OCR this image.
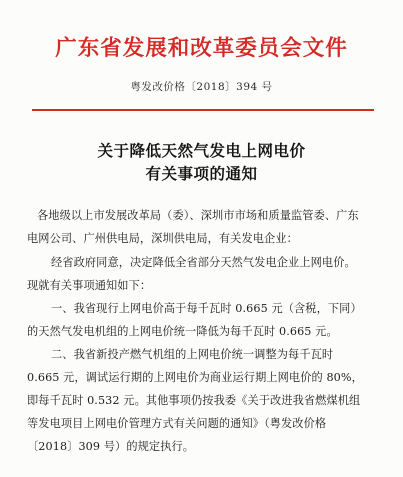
广东省发展和改革委员会文件
粤发改价格〔2018〕394 号
关于降低天然气发电上网电价
有关事项的通知
各地级以上市发展改革局（委）、深圳市市场和质量监管委、广东
电网公司、广州供电局，深圳供电局，有关发电企业：
经省政府同意，决定降低全省部分天然气发电企业上网电价。
现就有关事项通知如下：
一、我省现行上网电价高于每千瓦时 0.665 元（含税，下同）
的天然气发电机组的上网电价统一降低为每千瓦时 0.665 元。
二、我省新投产燃气机组的上网电价统一调整为每千瓦时
0.665 元，调试运行期的上网电价为商业运行期上网电价的 80%，
即每千瓦时 0.532 元。其他事项仍按我委《关于改进我省燃煤机组
等发电项目上网电价管理方式有关问题的通知》（粤发改价格
〔2018〕309 号）的规定执行。
